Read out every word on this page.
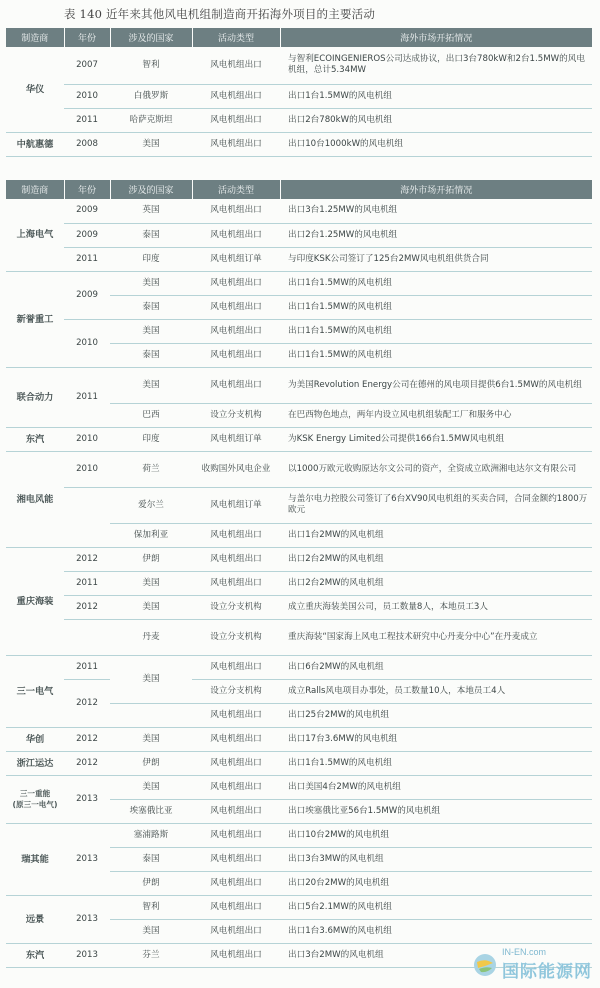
表 140 近年来其他风电机组制造商开拓海外项目的主要活动
制造商	年份	涉及的国家	活动类型	海外市场开拓情况
华仪	2007	智利	风电机组出口	与智利ECOINGENIEROS公司达成协议，出口3台780kW和2台1.5MW的风电机组，总计5.34MW
	2010	白俄罗斯	风电机组出口	出口1台1.5MW的风电机组
	2011	哈萨克斯坦	风电机组出口	出口2台780kW的风电机组
中航惠德	2008	美国	风电机组出口	出口10台1000kW的风电机组
制造商	年份	涉及的国家	活动类型	海外市场开拓情况
上海电气	2009	英国	风电机组出口	出口3台1.25MW的风电机组
	2009	泰国	风电机组出口	出口2台1.25MW的风电机组
	2011	印度	风电机组订单	与印度KSK公司签订了125台2MW风电机组供货合同
新誉重工	2009	美国	风电机组出口	出口1台1.5MW的风电机组
		泰国	风电机组出口	出口1台1.5MW的风电机组
	2010	美国	风电机组出口	出口1台1.5MW的风电机组
		泰国	风电机组出口	出口1台1.5MW的风电机组
联合动力	2011	美国	风电机组出口	为美国Revolution Energy公司在德州的风电项目提供6台1.5MW的风电机组
		巴西	设立分支机构	在巴西物色地点，两年内设立风电机组装配工厂和服务中心
东汽	2010	印度	风电机组订单	为KSK Energy Limited公司提供166台1.5MW风电机组
湘电风能	2010	荷兰	收购国外风电企业	以1000万欧元收购原达尔文公司的资产，全资成立欧洲湘电达尔文有限公司
		爱尔兰	风电机组订单	与盖尔电力控股公司签订了6台XV90风电机组的买卖合同，合同金额约1800万欧元
		保加利亚	风电机组出口	出口1台2MW的风电机组
重庆海装	2012	伊朗	风电机组出口	出口2台2MW的风电机组
	2011	美国	风电机组出口	出口2台2MW的风电机组
	2012	美国	设立分支机构	成立重庆海装美国公司，员工数量8人，本地员工3人
		丹麦	设立分支机构	重庆海装“国家海上风电工程技术研究中心丹麦分中心”在丹麦成立
三一电气	2011	美国	风电机组出口	出口6台2MW的风电机组
	2012		设立分支机构	成立Ralls风电项目办事处，员工数量10人，本地员工4人
			风电机组出口	出口25台2MW的风电机组
华创	2012	美国	风电机组出口	出口17台3.6MW的风电机组
浙江运达	2012	伊朗	风电机组出口	出口1台1.5MW的风电机组
三一重能
(原三一电气)	2013	美国	风电机组出口	出口美国4台2MW的风电机组
		埃塞俄比亚	风电机组出口	出口埃塞俄比亚56台1.5MW的风电机组
瑞其能	2013	塞浦路斯	风电机组出口	出口10台2MW的风电机组
		泰国	风电机组出口	出口3台3MW的风电机组
		伊朗	风电机组出口	出口20台2MW的风电机组
远景	2013	智利	风电机组出口	出口5台2.1MW的风电机组
		美国	风电机组出口	出口1台3.6MW的风电机组
东汽	2013	芬兰	风电机组出口	出口3台2MW的风电机组	IN-EN.com
国际能源网
